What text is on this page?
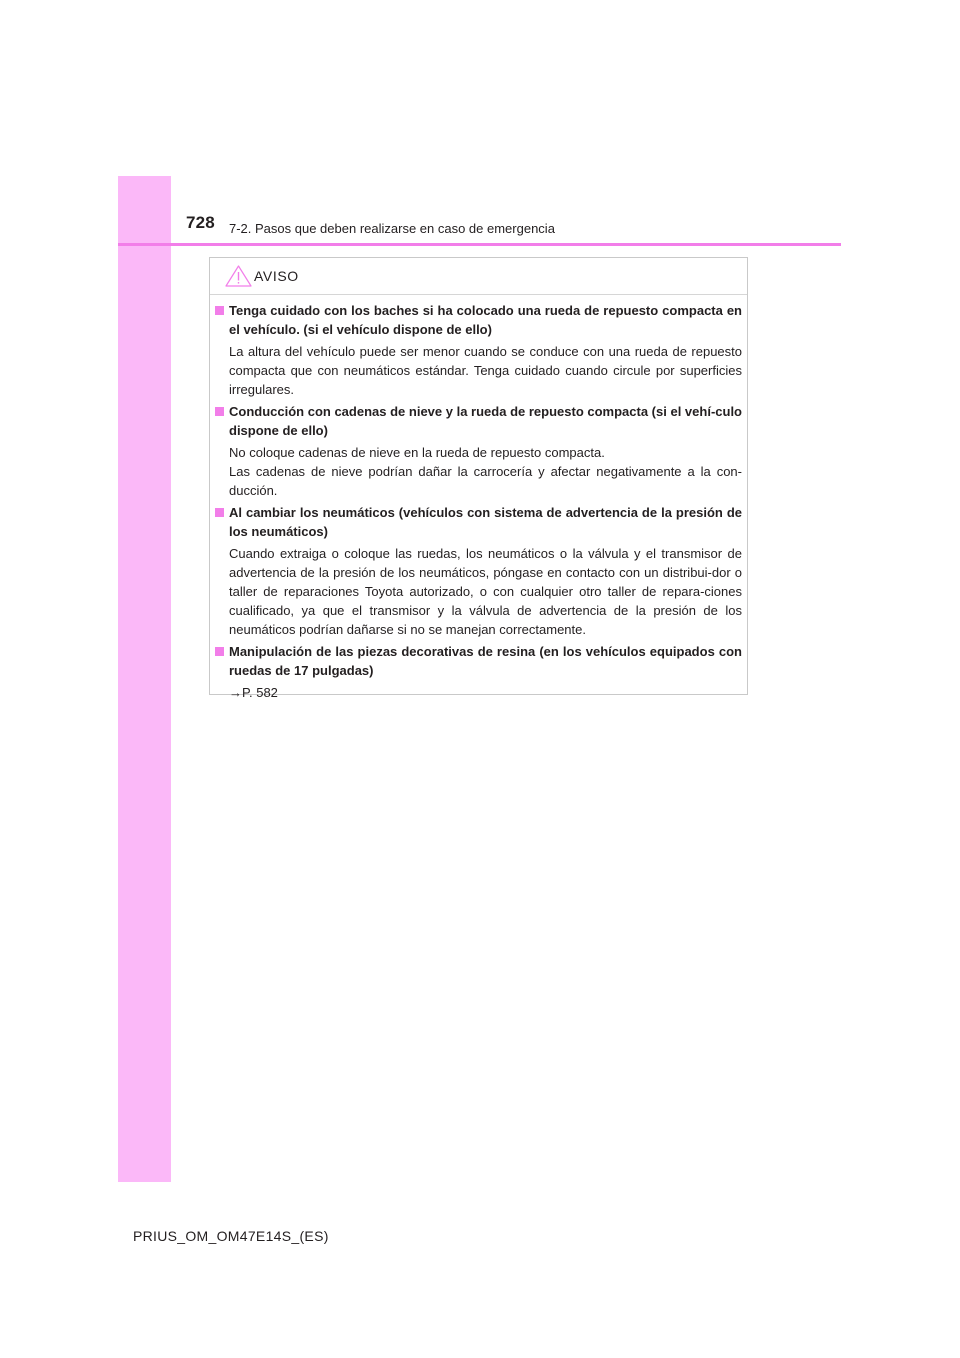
728 7-2. Pasos que deben realizarse en caso de emergencia
AVISO
Tenga cuidado con los baches si ha colocado una rueda de repuesto compacta en el vehículo. (si el vehículo dispone de ello)

La altura del vehículo puede ser menor cuando se conduce con una rueda de repuesto compacta que con neumáticos estándar. Tenga cuidado cuando circule por superficies irregulares.

Conducción con cadenas de nieve y la rueda de repuesto compacta (si el vehí-culo dispone de ello)

No coloque cadenas de nieve en la rueda de repuesto compacta.

Las cadenas de nieve podrían dañar la carrocería y afectar negativamente a la con-ducción.

Al cambiar los neumáticos (vehículos con sistema de advertencia de la presión de los neumáticos)

Cuando extraiga o coloque las ruedas, los neumáticos o la válvula y el transmisor de advertencia de la presión de los neumáticos, póngase en contacto con un distribui-dor o taller de reparaciones Toyota autorizado, o con cualquier otro taller de repara-ciones cualificado, ya que el transmisor y la válvula de advertencia de la presión de los neumáticos podrían dañarse si no se manejan correctamente.

Manipulación de las piezas decorativas de resina (en los vehículos equipados con ruedas de 17 pulgadas)

→P. 582

PRIUS_OM_OM47E14S_(ES)
